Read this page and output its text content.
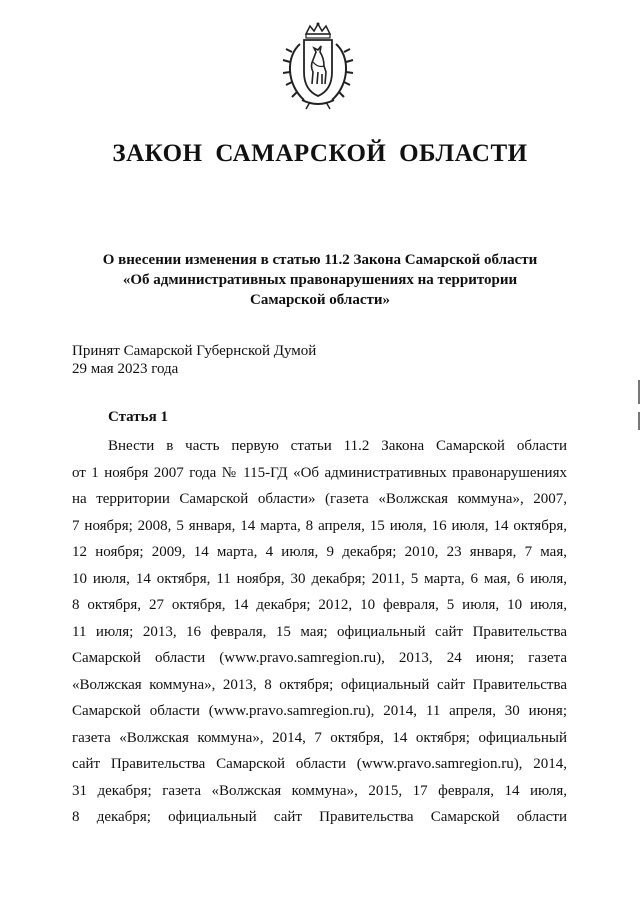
ЗАКОН САМАРСКОЙ ОБЛАСТИ
О внесении изменения в статью 11.2 Закона Самарской области
«Об административных правонарушениях на территории
Самарской области»
Принят Самарской Губернской Думой
29 мая 2023 года
Статья 1
Внести в часть первую статьи 11.2 Закона Самарской области
от 1 ноября 2007 года № 115-ГД «Об административных правонарушениях
на территории Самарской области» (газета «Волжская коммуна», 2007,
7 ноября; 2008, 5 января, 14 марта, 8 апреля, 15 июля, 16 июля, 14 октября,
12 ноября; 2009, 14 марта, 4 июля, 9 декабря; 2010, 23 января, 7 мая,
10 июля, 14 октября, 11 ноября, 30 декабря; 2011, 5 марта, 6 мая, 6 июля,
8 октября, 27 октября, 14 декабря; 2012, 10 февраля, 5 июля, 10 июля,
11 июля; 2013, 16 февраля, 15 мая; официальный сайт Правительства
Самарской области (www.pravo.samregion.ru), 2013, 24 июня; газета
«Волжская коммуна», 2013, 8 октября; официальный сайт Правительства
Самарской области (www.pravo.samregion.ru), 2014, 11 апреля, 30 июня;
газета «Волжская коммуна», 2014, 7 октября, 14 октября; официальный
сайт Правительства Самарской области (www.pravo.samregion.ru), 2014,
31 декабря; газета «Волжская коммуна», 2015, 17 февраля, 14 июля,
8 декабря; официальный сайт Правительства Самарской области
